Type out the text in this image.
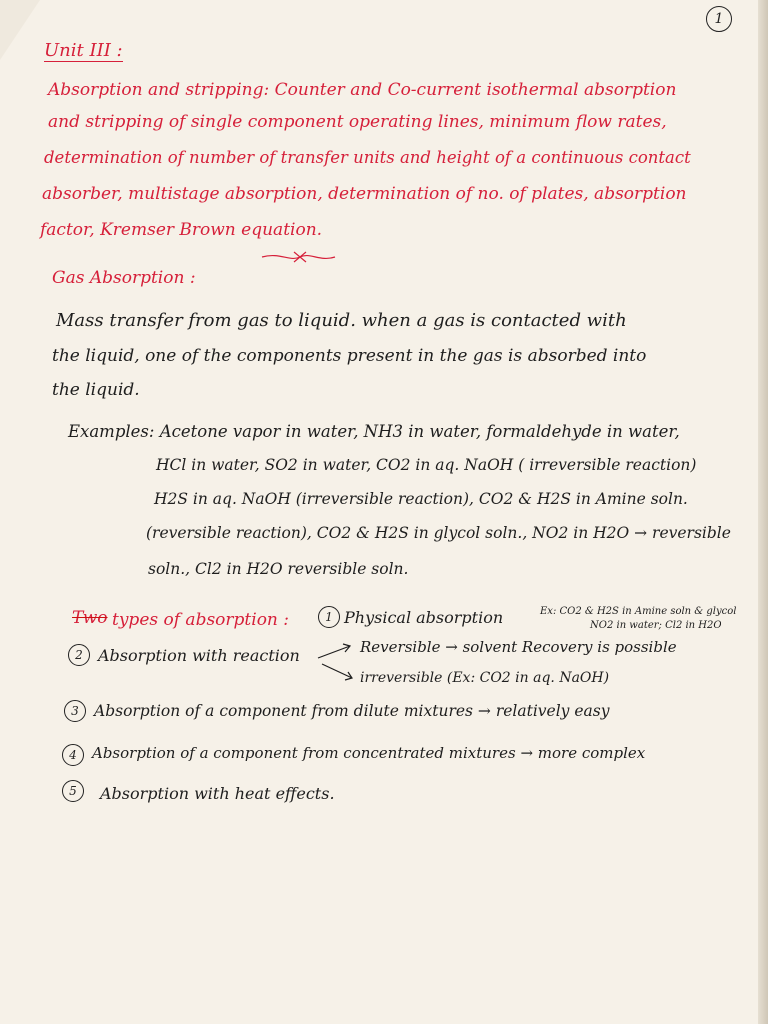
1
Unit III :
Absorption and stripping: Counter and Co-current isothermal absorption
and stripping of single component operating lines, minimum flow rates,
determination of number of transfer units and height of a continuous contact
absorber, multistage absorption, determination of no. of plates, absorption
factor, Kremser Brown equation.
Gas Absorption :
Mass transfer from gas to liquid. when a gas is contacted with
the liquid, one of the components present in the gas is absorbed into
the liquid.
Examples: Acetone vapor in water, NH3 in water, formaldehyde in water,
HCl in water, SO2 in water, CO2 in aq. NaOH ( irreversible reaction)
H2S in aq. NaOH (irreversible reaction), CO2 & H2S in Amine soln.
(reversible reaction), CO2 & H2S in glycol soln., NO2 in H2O → reversible
soln., Cl2 in H2O reversible soln.
Two types of absorption :	1 Physical absorption	Ex: CO2 & H2S in Amine soln & glycol
NO2 in water; Cl2 in H2O
2 Absorption with reaction	Reversible → solvent Recovery is possible
irreversible (Ex: CO2 in aq. NaOH)
3 Absorption of a component from dilute mixtures → relatively easy
4	Absorption of a component from concentrated mixtures → more complex
5	Absorption with heat effects.
